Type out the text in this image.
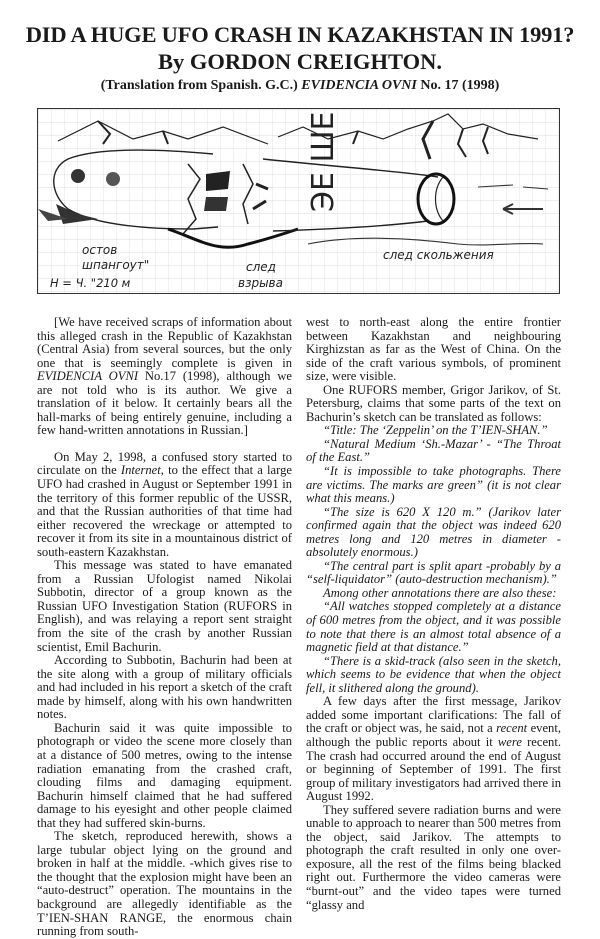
DID A HUGE UFO CRASH IN KAZAKHSTAN IN 1991?
By GORDON CREIGHTON.
(Translation from Spanish. G.C.) EVIDENCIA OVNI No. 17 (1998)
ЭЕ ШЕ
остов
шпангоут"
Н = Ч. "210 м
след
взрыва
след скольжения

[We have received scraps of information about this alleged crash in the Republic of Kazakhstan (Central Asia) from several sources, but the only one that is seemingly complete is given in EVIDENCIA OVNI No.17 (1998), although we are not told who is its author. We give a translation of it below. It certainly bears all the hall-marks of being entirely genuine, including a few hand-written annotations in Russian.]

On May 2, 1998, a confused story started to circulate on the Internet, to the effect that a large UFO had crashed in August or September 1991 in the territory of this former republic of the USSR, and that the Russian authorities of that time had either recovered the wreckage or attempted to recover it from its site in a mountainous district of south-eastern Kazakhstan.

This message was stated to have emanated from a Russian Ufologist named Nikolai Subbotin, director of a group known as the Russian UFO Investigation Station (RUFORS in English), and was relaying a report sent straight from the site of the crash by another Russian scientist, Emil Bachurin.

According to Subbotin, Bachurin had been at the site along with a group of military officials and had included in his report a sketch of the craft made by himself, along with his own handwritten notes.

Bachurin said it was quite impossible to photograph or video the scene more closely than at a distance of 500 metres, owing to the intense radiation emanating from the crashed craft, clouding films and damaging equipment. Bachurin himself claimed that he had suffered damage to his eyesight and other people claimed that they had suffered skin-burns.

The sketch, reproduced herewith, shows a large tubular object lying on the ground and broken in half at the middle. -which gives rise to the thought that the explosion might have been an “auto-destruct” operation. The mountains in the background are allegedly identifiable as the T’IEN-SHAN RANGE, the enormous chain running from south-

west to north-east along the entire frontier between Kazakhstan and neighbouring Kirghizstan as far as the West of China. On the side of the craft various symbols, of prominent size, were visible.

One RUFORS member, Grigor Jarikov, of St. Petersburg, claims that some parts of the text on Bachurin’s sketch can be translated as follows:

“Title: The ‘Zeppelin’ on the T’IEN-SHAN.”

“Natural Medium ‘Sh.-Mazar’ - “The Throat of the East.”

“It is impossible to take photographs. There are victims. The marks are green” (it is not clear what this means.)

“The size is 620 X 120 m.” (Jarikov later confirmed again that the object was indeed 620 metres long and 120 metres in diameter -absolutely enormous.)

“The central part is split apart -probably by a “self-liquidator” (auto-destruction mechanism).”

Among other annotations there are also these:

“All watches stopped completely at a distance of 600 metres from the object, and it was possible to note that there is an almost total absence of a magnetic field at that distance.”

“There is a skid-track (also seen in the sketch, which seems to be evidence that when the object fell, it slithered along the ground).

A few days after the first message, Jarikov added some important clarifications: The fall of the craft or object was, he said, not a recent event, although the public reports about it were recent. The crash had occurred around the end of August or beginning of September of 1991. The first group of military investigators had arrived there in August 1992.

They suffered severe radiation burns and were unable to approach to nearer than 500 metres from the object, said Jarikov. The attempts to photograph the craft resulted in only one over-exposure, all the rest of the films being blacked right out. Furthermore the video cameras were “burnt-out” and the video tapes were turned “glassy and
